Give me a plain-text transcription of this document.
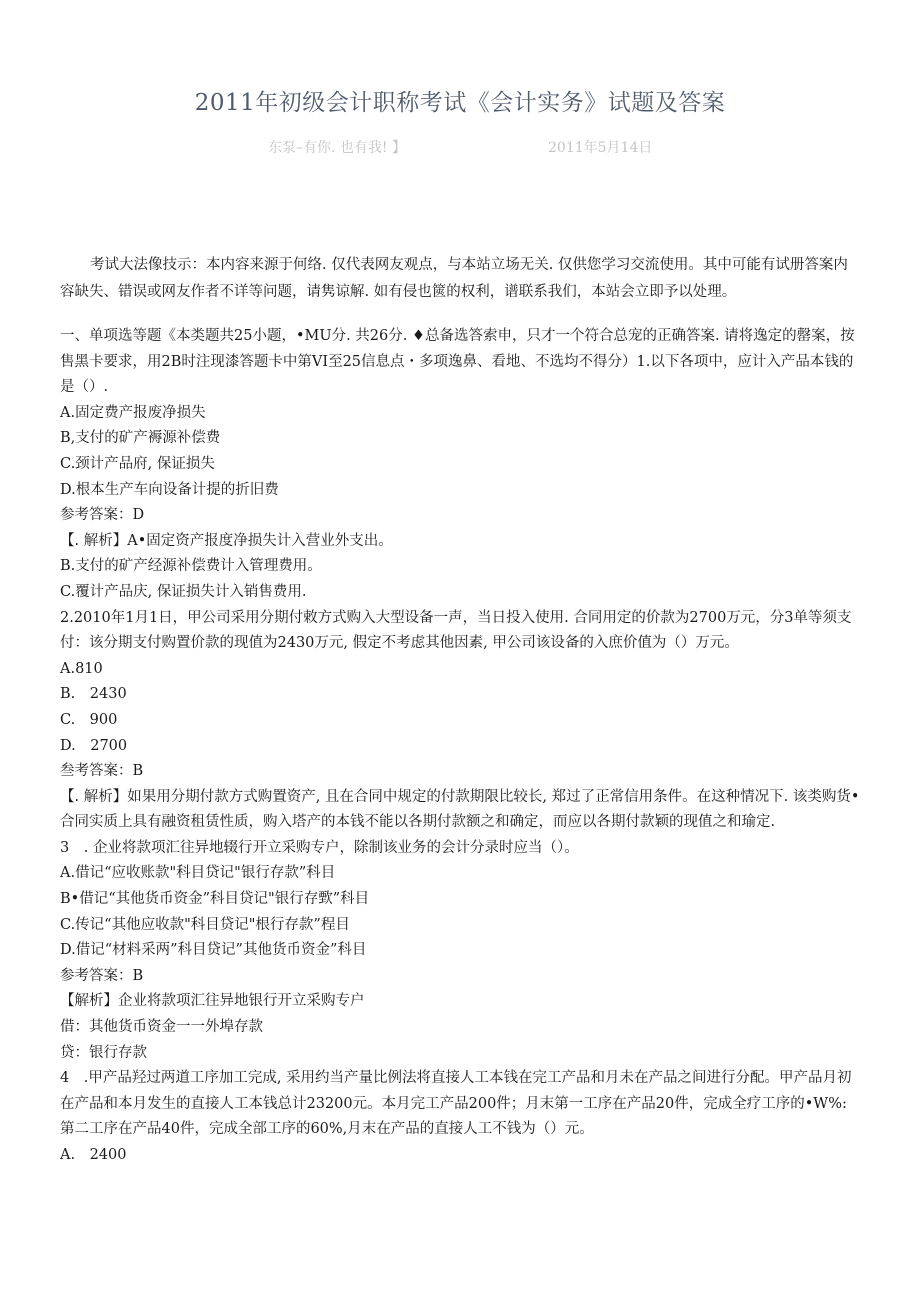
2011年初级会计职称考试《会计实务》试题及答案
东泵–有你. 也有我! 】	2011年5月14日

考试大法像技示：本内容来源于何络. 仅代表网友观点，与本站立场无关. 仅供您学习交流使用。其中可能有试册答案内容缺失、错误或网友作者不详等问题，请隽谅解. 如有侵也篋的权利，谱联系我们，本站会立即予以处理。

一、单项选等题《本类题共25小题，•MU分. 共26分. ♦总备选答索申，只才一个符合总宠的正确答案. 请将逸定的罄案，按售黑卡要求，用2B时注现漆答题卡中第VI至25信息点・多项逸鼻、看地、不选均不得分）1.以下各项中，应计入产品本钱的是（）.

A.固定费产报废净损失

B,支付的矿产褥源补偿费

C.颈计产品府, 保证损失

D.根本生产车向设备计提的折旧费

参考答案：D

【. 解析】A•固定资产报度净损失计入营业外支出。

B.支付的矿产经源补偿费计入管理费用。

C.覆计产品庆, 保证损失计入销售费用.

2.2010年1月1日，甲公司采用分期付敕方式购入大型设备一声，当日投入使用. 合同用定的价款为2700万元，分3单等须支付：该分期支付购置价款的现值为2430万元, 假定不考虑其他因素, 甲公司该设备的入庶价值为（）万元。

A.810

B.　2430

C.　900

D.　2700

叁考答案：B

【. 解析】如果用分期付款方式购置资产, 且在合同中规定的付款期限比较长, 郑过了正常信用条件。在这种情况下. 该类购货•合同实质上具有融资租赁性质，购入塔产的本钱不能以各期付款额之和确定，而应以各期付款颖的现值之和瑜定.

3　. 企业将款项汇往异地辍行开立采购专户，除制该业务的会计分录时应当（）。

A.借记“应收账款"科目贷记"银行存款”科目

B•借记“其他货币资金”科目贷记"银行存歅”科目

C.传记“其他应收款"科目贷记"根行存款”程目

D.借记“材料采两”科目贷记”其他货币资金”科目

参考答案：B

【解析】企业将款项汇往异地银行开立采购专户

借：其他货币资金一一外埠存款

贷：银行存款

4　.甲产品羟过两道工序加工完成, 采用约当产量比例法将直接人工本钱在完工产品和月未在产品之间进行分配。甲产品月初在产品和本月发生的直接人工本钱总计23200元。本月完工产品200件；月末第一工序在产品20件，完成全疗工序的•W%:第二工序在产品40件，完成全部工序的60%,月末在产品的直接人工不钱为（）元。

A.　2400
